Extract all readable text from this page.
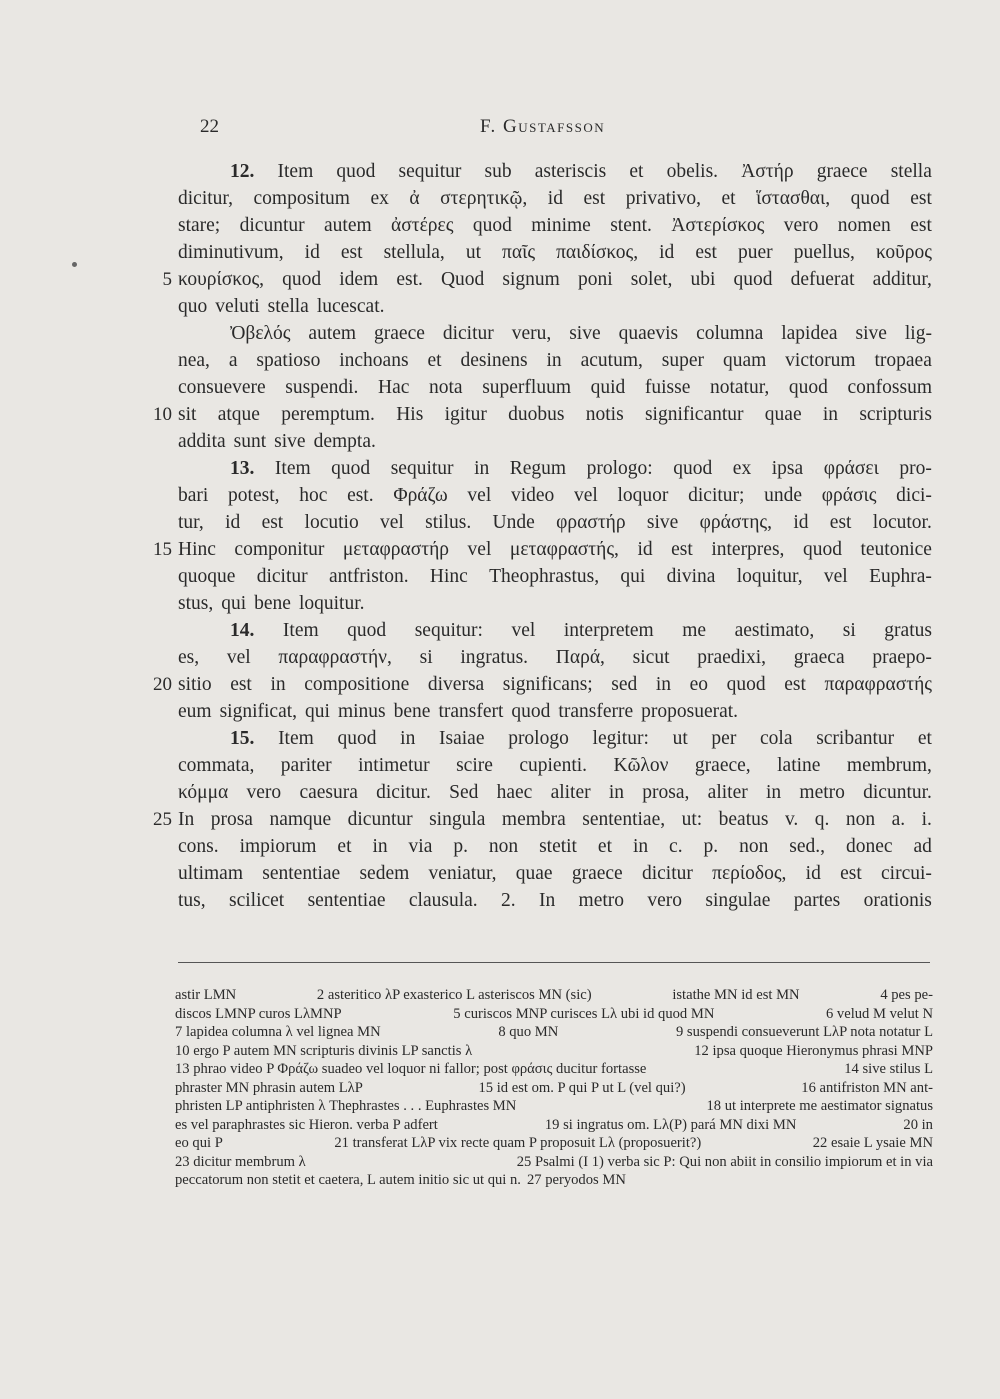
22	F. Gustafsson
12. Item quod sequitur sub asteriscis et obelis. Ἀστήρ graece stella
dicitur, compositum ex ἀ στερητικῷ, id est privativo, et ἵστασθαι, quod est
stare; dicuntur autem ἀστέρες quod minime stent. Ἀστερίσκος vero nomen est
diminutivum, id est stellula, ut παῖς παιδίσκος, id est puer puellus, κοῦρος
5 κουρίσκος, quod idem est. Quod signum poni solet, ubi quod defuerat additur,
quo veluti stella lucescat.
Ὀβελός autem graece dicitur veru, sive quaevis columna lapidea sive lig-
nea, a spatioso inchoans et desinens in acutum, super quam victorum tropaea
consuevere suspendi. Hac nota superfluum quid fuisse notatur, quod confossum
10 sit atque peremptum. His igitur duobus notis significantur quae in scripturis
addita sunt sive dempta.
13. Item quod sequitur in Regum prologo: quod ex ipsa φράσει pro-
bari potest, hoc est. Φράζω vel video vel loquor dicitur; unde φράσις dici-
tur, id est locutio vel stilus. Unde φραστήρ sive φράστης, id est locutor.
15 Hinc componitur μεταφραστήρ vel μεταφραστής, id est interpres, quod teutonice
quoque dicitur antfriston. Hinc Theophrastus, qui divina loquitur, vel Euphra-
stus, qui bene loquitur.
14. Item quod sequitur: vel interpretem me aestimato, si gratus
es, vel παραφραστήν, si ingratus. Παρά, sicut praedixi, graeca praepo-
20 sitio est in compositione diversa significans; sed in eo quod est παραφραστής
eum significat, qui minus bene transfert quod transferre proposuerat.
15. Item quod in Isaiae prologo legitur: ut per cola scribantur et
commata, pariter intimetur scire cupienti. Κῶλον graece, latine membrum,
κόμμα vero caesura dicitur. Sed haec aliter in prosa, aliter in metro dicuntur.
25 In prosa namque dicuntur singula membra sententiae, ut: beatus v. q. non a. i.
cons. impiorum et in via p. non stetit et in c. p. non sed., donec ad
ultimam sententiae sedem veniatur, quae graece dicitur περίοδος, id est circui-
tus, scilicet sententiae clausula. 2. In metro vero singulae partes orationis
astir LMN	2 asteritico λP exasterico L asteriscos MN (sic)	istathe MN id est MN	4 pes pe-
discos LMNP curos LλMNP	5 curiscos MNP curisces Lλ ubi id quod MN	6 velud M velut N
7 lapidea columna λ vel lignea MN	8 quo MN	9 suspendi consueverunt LλP nota notatur L
10 ergo P autem MN scripturis divinis LP sanctis λ	12 ipsa quoque Hieronymus phrasi MNP
13 phrao video P Φράζω suadeo vel loquor ni fallor; post φράσις ducitur fortasse	14 sive stilus L
phraster MN phrasin autem LλP	15 id est om. P qui P ut L (vel qui?)	16 antifriston MN ant-
phristen LP antiphristen λ Thephrastes . . . Euphrastes MN	18 ut interprete me aestimator signatus
es vel paraphrastes sic Hieron. verba P adfert	19 si ingratus om. Lλ(P) pará MN dixi MN	20 in
eo qui P	21 transferat LλP vix recte quam P proposuit Lλ (proposuerit?)	22 esaie L ysaie MN
23 dicitur membrum λ	25 Psalmi (I 1) verba sic P: Qui non abiit in consilio impiorum et in via
peccatorum non stetit et caetera, L autem initio sic ut qui n. 27 peryodos MN
